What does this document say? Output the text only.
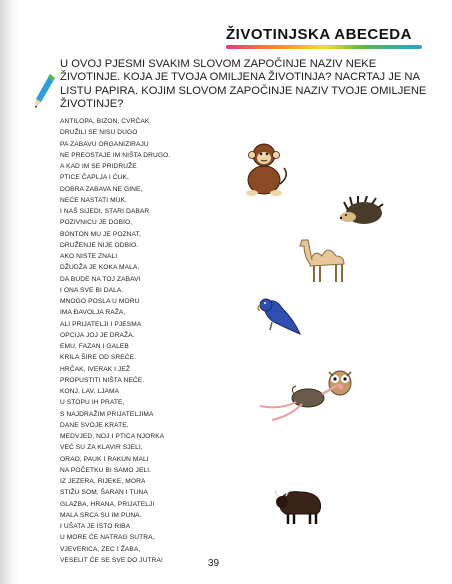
ŽIVOTINJSKA ABECEDA
U OVOJ PJESMI SVAKIM SLOVOM ZAPOČINJE NAZIV NEKE ŽIVOTINJE. KOJA JE TVOJA OMILJENA ŽIVOTINJA? NACRTAJ JE NA LISTU PAPIRA. KOJIM SLOVOM ZAPOČINJE NAZIV TVOJE OMILJENE ŽIVOTINJE?
ANTILOPA, BIZON, CVRČAK
DRUŽILI SE NISU DUGO
PA ZABAVU ORGANIZIRAJU
NE PREOSTAJE IM NIŠTA DRUGO.
A KAD IM SE PRIDRUŽE
PTICE ČAPLJA I ĆUK,
DOBRA ZABAVA NE GINE,
NEĆE NASTATI MUK.
I NAŠ SIJEDI, STARI DABAR
POZIVNICU JE DOBIO,
BONTON MU JE POZNAT,
DRUŽENJE NIJE ODBIO.
AKO NISTE ZNALI
DŽUDŽA JE KOKA MALA,
DA BUDE NA TOJ ZABAVI
I ONA SVE BI DALA.
MNOGO POSLA U MORU
IMA ĐAVOLJA RAŽA,
ALI PRIJATELJI I PJESMA
OPCIJA JOJ JE DRAŽA.
EMU, FAZAN I GALEB
KRILA ŠIRE OD SREĆE.
HRČAK, IVERAK I JEŽ
PROPUSTITI NIŠTA NEĆE.
KONJ, LAV, LJAMA
U STOPU IH PRATE,
S NAJDRAŽIM PRIJATELJIMA
DANE SVOJE KRATE.
MEDVJED, NOJ I PTICA NJORKA
VEĆ SU ZA KLAVIR SJELI,
ORAO, PAUK I RAKUN MALI
NA POČETKU BI SAMO JELI.
IZ JEZERA, RIJEKE, MORA
STIŽU SOM, ŠARAN I TUNA
GLAZBA, HRANA, PRIJATELJI
MALA SRCA SU IM PUNA.
I UŠATA JE ISTO RIBA
U MORE ĆE NATRAG SUTRA,
VJEVERICA, ZEC I ŽABA,
VESELIT ĆE SE SVE DO JUTRA!	39
